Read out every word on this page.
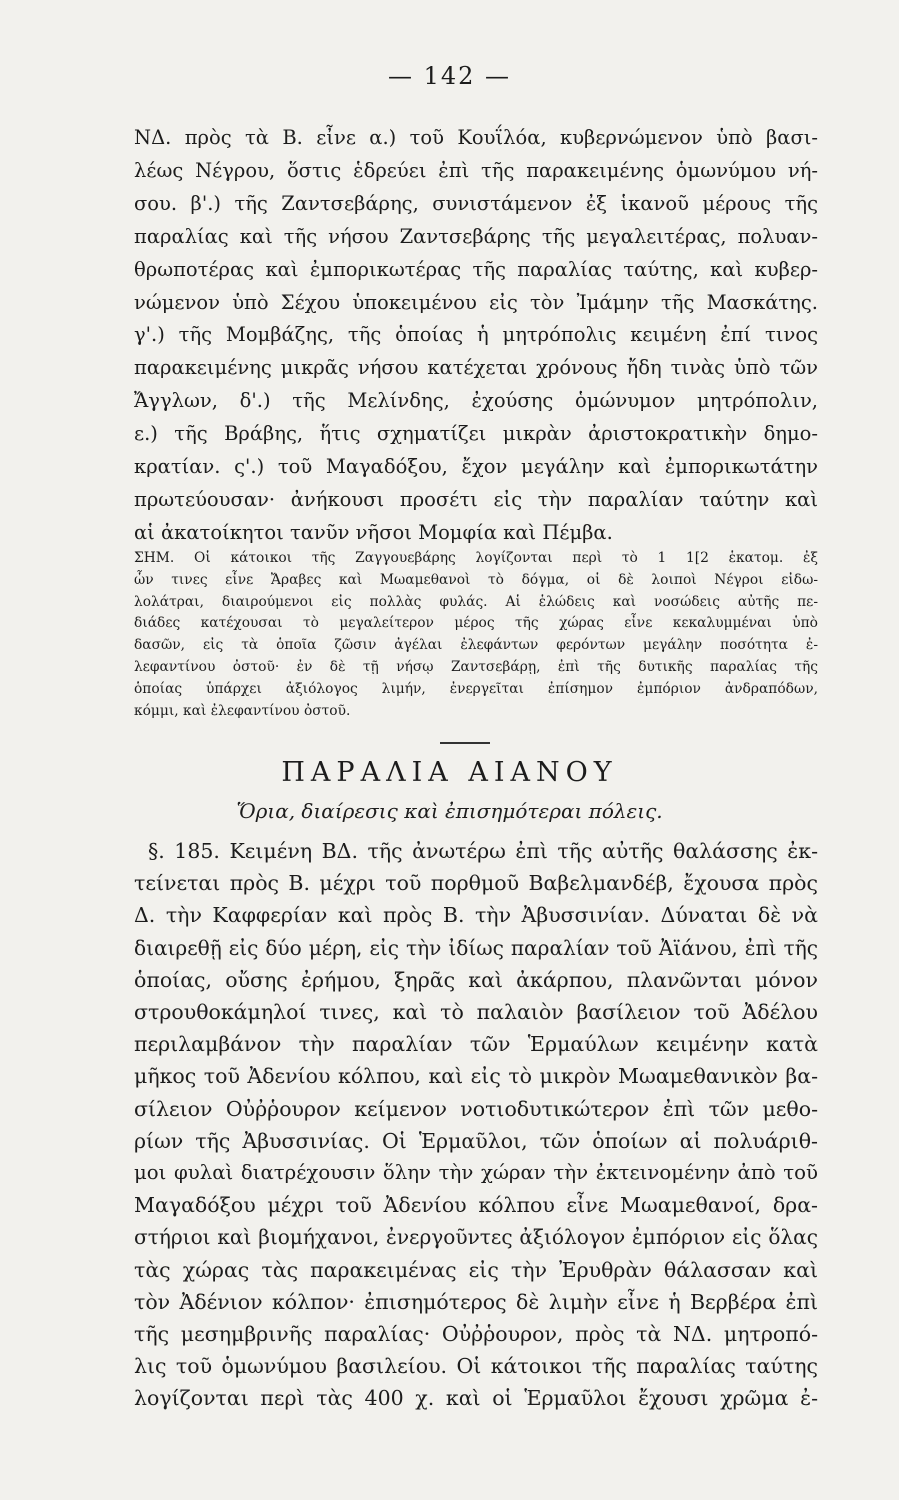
— 142 —
ΝΔ. πρὸς τὰ Β. εἶνε α.) τοῦ Κουΐλόα, κυβερνώμενον ὑπὸ βασι-
λέως Νέγρου, ὅστις ἑδρεύει ἐπὶ τῆς παρακειμένης ὁμωνύμου νή-
σου. β'.) τῆς Ζαντσεβάρης, συνιστάμενον ἐξ ἱκανοῦ μέρους τῆς
παραλίας καὶ τῆς νήσου Ζαντσεβάρης τῆς μεγαλειτέρας, πολυαν-
θρωποτέρας καὶ ἐμπορικωτέρας τῆς παραλίας ταύτης, καὶ κυβερ-
νώμενον ὑπὸ Σέχου ὑποκειμένου εἰς τὸν Ἰμάμην τῆς Μασκάτης.
γ'.) τῆς Μομβάζης, τῆς ὁποίας ἡ μητρόπολις κειμένη ἐπί τινος
παρακειμένης μικρᾶς νήσου κατέχεται χρόνους ἤδη τινὰς ὑπὸ τῶν
Ἄγγλων, δ'.) τῆς Μελίνδης, ἐχούσης ὁμώνυμον μητρόπολιν,
ε.) τῆς Βράβης, ἥτις σχηματίζει μικρὰν ἀριστοκρατικὴν δημο-
κρατίαν. ς'.) τοῦ Μαγαδόξου, ἔχον μεγάλην καὶ ἐμπορικωτάτην
πρωτεύουσαν· ἀνήκουσι προσέτι εἰς τὴν παραλίαν ταύτην καὶ
αἱ ἀκατοίκητοι τανῦν νῆσοι Μομφία καὶ Πέμβα.
ΣΗΜ. Οἱ κάτοικοι τῆς Ζαγγουεβάρης λογίζονται περὶ τὸ 1 1[2 ἑκατομ. ἐξ
ὧν τινες εἶνε Ἄραβες καὶ Μωαμεθανοὶ τὸ δόγμα, οἱ δὲ λοιποὶ Νέγροι εἰδω-
λολάτραι, διαιρούμενοι εἰς πολλὰς φυλάς. Αἱ ἑλώδεις καὶ νοσώδεις αὐτῆς πε-
διάδες κατέχουσαι τὸ μεγαλείτερον μέρος τῆς χώρας εἶνε κεκαλυμμέναι ὑπὸ
δασῶν, εἰς τὰ ὁποῖα ζῶσιν ἀγέλαι ἐλεφάντων φερόντων μεγάλην ποσότητα ἐ-
λεφαντίνου ὀστοῦ· ἐν δὲ τῇ νήσῳ Ζαντσεβάρῃ, ἐπὶ τῆς δυτικῆς παραλίας τῆς
ὁποίας ὑπάρχει ἀξιόλογος λιμήν, ἐνεργεῖται ἐπίσημον ἐμπόριον ἀνδραπόδων,
κόμμι, καὶ ἐλεφαντίνου ὀστοῦ.
ΠΑΡΑΛΙΑ ΑΙΑΝΟΥ
Ὅρια, διαίρεσις καὶ ἐπισημότεραι πόλεις.
§. 185. Κειμένη ΒΔ. τῆς ἀνωτέρω ἐπὶ τῆς αὐτῆς θαλάσσης ἐκ-
τείνεται πρὸς Β. μέχρι τοῦ πορθμοῦ Βαβελμανδέβ, ἔχουσα πρὸς
Δ. τὴν Καφφερίαν καὶ πρὸς Β. τὴν Ἀβυσσινίαν. Δύναται δὲ νὰ
διαιρεθῇ εἰς δύο μέρη, εἰς τὴν ἰδίως παραλίαν τοῦ Ἀϊάνου, ἐπὶ τῆς
ὁποίας, οὔσης ἐρήμου, ξηρᾶς καὶ ἀκάρπου, πλανῶνται μόνον
στρουθοκάμηλοί τινες, καὶ τὸ παλαιὸν βασίλειον τοῦ Ἀδέλου
περιλαμβάνον τὴν παραλίαν τῶν Ἑρμαύλων κειμένην κατὰ
μῆκος τοῦ Ἀδενίου κόλπου, καὶ εἰς τὸ μικρὸν Μωαμεθανικὸν βα-
σίλειον Οὐῤῥουρον κείμενον νοτιοδυτικώτερον ἐπὶ τῶν μεθο-
ρίων τῆς Ἀβυσσινίας. Οἱ Ἑρμαῦλοι, τῶν ὁποίων αἱ πολυάριθ-
μοι φυλαὶ διατρέχουσιν ὅλην τὴν χώραν τὴν ἐκτεινομένην ἀπὸ τοῦ
Μαγαδόξου μέχρι τοῦ Ἀδενίου κόλπου εἶνε Μωαμεθανοί, δρα-
στήριοι καὶ βιομήχανοι, ἐνεργοῦντες ἀξιόλογον ἐμπόριον εἰς ὅλας
τὰς χώρας τὰς παρακειμένας εἰς τὴν Ἐρυθρὰν θάλασσαν καὶ
τὸν Ἀδένιον κόλπον· ἐπισημότερος δὲ λιμὴν εἶνε ἡ Βερβέρα ἐπὶ
τῆς μεσημβρινῆς παραλίας· Οὐῤῥουρον, πρὸς τὰ ΝΔ. μητροπό-
λις τοῦ ὁμωνύμου βασιλείου. Οἱ κάτοικοι τῆς παραλίας ταύτης
λογίζονται περὶ τὰς 400 χ. καὶ οἱ Ἑρμαῦλοι ἔχουσι χρῶμα ἐ-
